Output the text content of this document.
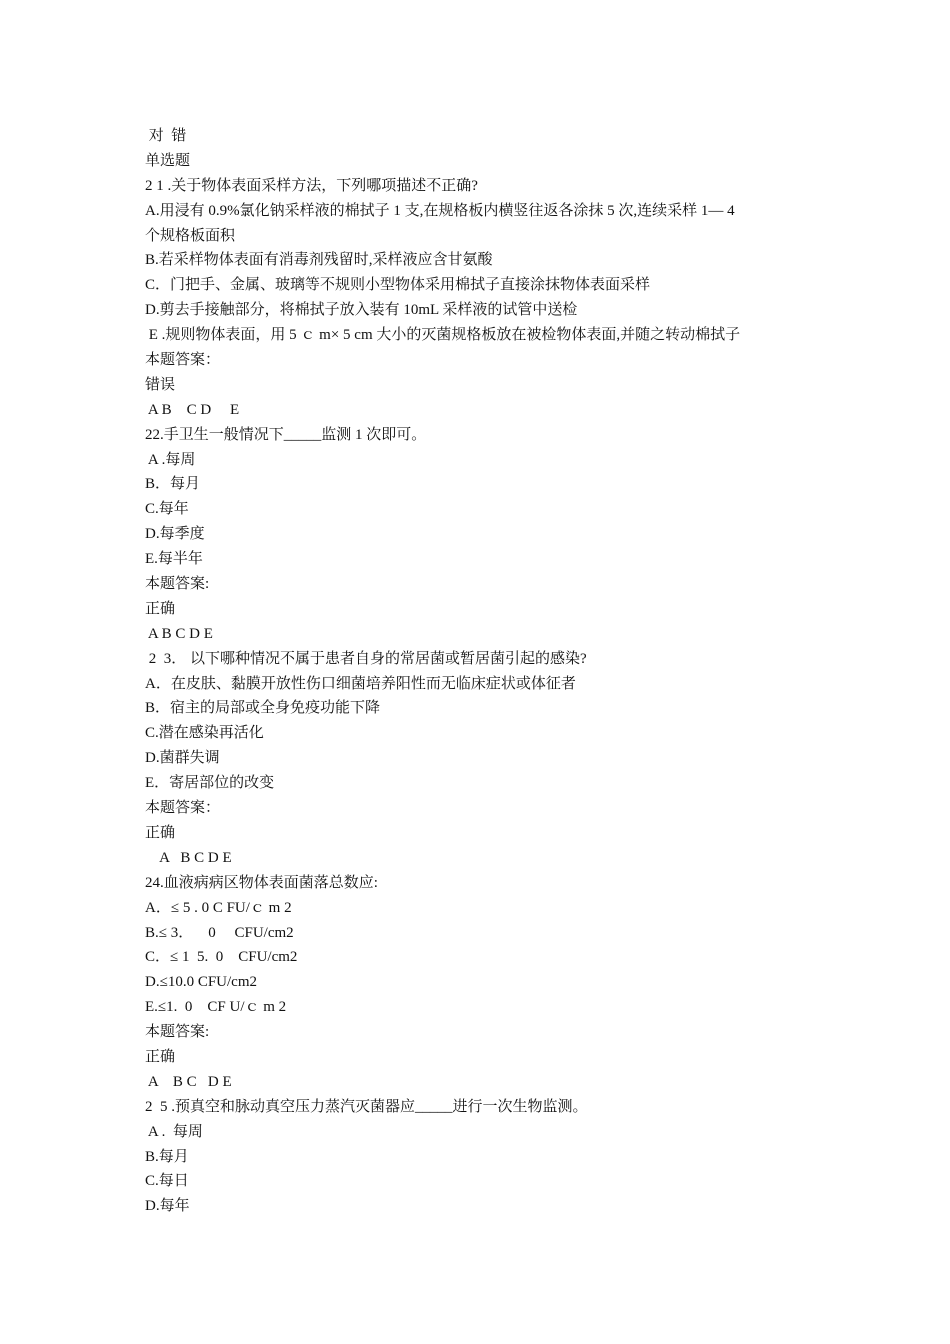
对  错
单选题
2 1 .关于物体表面采样方法，下列哪项描述不正确?
A.用浸有 0.9%氯化钠采样液的棉拭子 1 支,在规格板内横竖往返各涂抹 5 次,连续采样 1— 4
个规格板面积
B.若采样物体表面有消毒剂残留时,采样液应含甘氨酸
C．门把手、金属、玻璃等不规则小型物体采用棉拭子直接涂抹物体表面采样
D.剪去手接触部分，将棉拭子放入装有 10mL 采样液的试管中送检
E .规则物体表面，用 5 ｃ m× 5 cm 大小的灭菌规格板放在被检物体表面,并随之转动棉拭子
本题答案：
错误
A B    C D     E
22.手卫生一般情况下_____监测 1 次即可。
A .每周
B．每月
C.每年
D.每季度
E.每半年
本题答案:
正确
A B C D E
2  3． 以下哪种情况不属于患者自身的常居菌或暂居菌引起的感染?
A．在皮肤、黏膜开放性伤口细菌培养阳性而无临床症状或体征者
B．宿主的局部或全身免疫功能下降
C.潜在感染再活化
D.菌群失调
E．寄居部位的改变
本题答案：
正确
A   B C D E
24.血液病病区物体表面菌落总数应:
A．≤ 5 . 0 C FU/ｃ m 2
B.≤ 3．    0     CFU/cm2
C．≤ 1  5.  0    CFU/cm2
D.≤10.0 CFU/cm2
E.≤1.  0    CF U/ｃ m 2
本题答案:
正确
A    B C   D E
2  5 .预真空和脉动真空压力蒸汽灭菌器应_____进行一次生物监测。
A .  每周
B.每月
C.每日
D.每年
